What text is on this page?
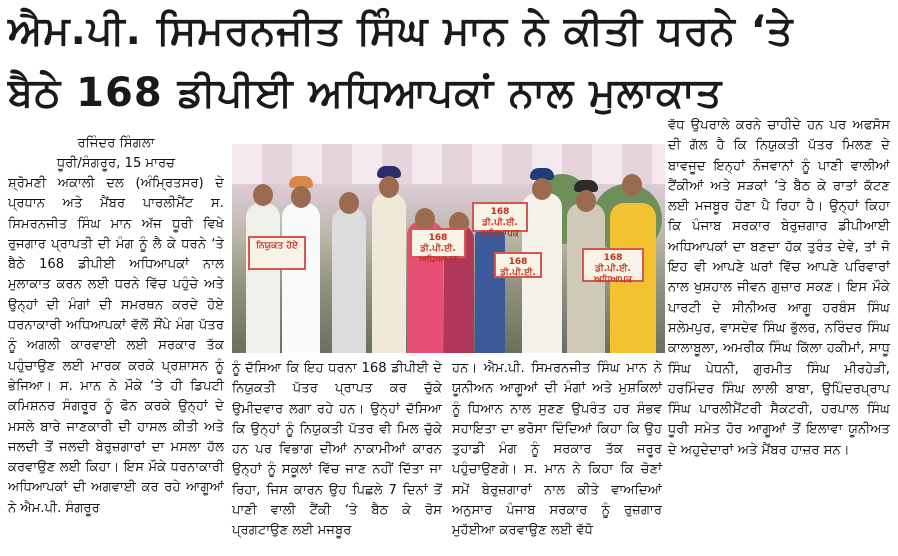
ਐਮ.ਪੀ. ਸਿਮਰਨਜੀਤ ਸਿੰਘ ਮਾਨ ਨੇ ਕੀਤੀ ਧਰਨੇ ‘ਤੇ
ਬੈਠੇ 168 ਡੀਪੀਈ ਅਧਿਆਪਕਾਂ ਨਾਲ ਮੁਲਾਕਾਤ
ਰਜਿੰਦਰ ਸਿੰਗਲਾ
ਧੂਰੀ/ਸੰਗਰੂਰ, 15 ਮਾਰਚ

ਸ਼੍ਰੋਮਣੀ ਅਕਾਲੀ ਦਲ (ਅੰਮ੍ਰਿਤਸਰ) ਦੇ ਪ੍ਰਧਾਨ ਅਤੇ ਮੈਂਬਰ ਪਾਰਲੀਮੈਂਟ ਸ. ਸਿਮਰਨਜੀਤ ਸਿੰਘ ਮਾਨ ਅੱਜ ਧੂਰੀ ਵਿਖੇ ਰੁਜਗਾਰ ਪ੍ਰਾਪਤੀ ਦੀ ਮੰਗ ਨੂੰ ਲੈ ਕੇ ਧਰਨੇ ‘ਤੇ ਬੈਠੇ 168 ਡੀਪੀਈ ਅਧਿਆਪਕਾਂ ਨਾਲ ਮੁਲਾਕਾਤ ਕਰਨ ਲਈ ਧਰਨੇ ਵਿੱਚ ਪਹੁੰਚੇ ਅਤੇ ਉਨ੍ਹਾਂ ਦੀ ਮੰਗਾਂ ਦੀ ਸਮਰਥਨ ਕਰਦੇ ਹੋਏ ਧਰਨਾਕਾਰੀ ਅਧਿਆਪਕਾਂ ਵੱਲੋਂ ਸੌਂਪੇ ਮੰਗ ਪੱਤਰ ਨੂੰ ਅਗਲੀ ਕਾਰਵਾਈ ਲਈ ਸਰਕਾਰ ਤੱਕ ਪਹੁੰਚਾਉਣ ਲਈ ਮਾਰਕ ਕਰਕੇ ਪ੍ਰਸ਼ਾਸਨ ਨੂੰ ਭੇਜਿਆ। ਸ. ਮਾਨ ਨੇ ਮੌਕੇ ‘ਤੇ ਹੀ ਡਿਪਟੀ ਕਮਿਸ਼ਨਰ ਸੰਗਰੂਰ ਨੂੰ ਫੋਨ ਕਰਕੇ ਉਨ੍ਹਾਂ ਦੇ ਮਸਲੇ ਬਾਰੇ ਜਾਣਕਾਰੀ ਦੀ ਹਾਸਲ ਕੀਤੀ ਅਤੇ ਜਲਦੀ ਤੋਂ ਜਲਦੀ ਬੇਰੁਜ਼ਗਾਰਾਂ ਦਾ ਮਸਲਾ ਹੱਲ ਕਰਵਾਉਣ ਲਈ ਕਿਹਾ। ਇਸ ਮੌਕੇ ਧਰਨਾਕਾਰੀ ਅਧਿਆਪਕਾਂ ਦੀ ਅਗਵਾਈ ਕਰ ਰਹੇ ਆਗੂਆਂ ਨੇ ਐਮ.ਪੀ. ਸੰਗਰੂਰ

ਨਿਯੁਕਤ ਹੋਏ
168 ਡੀ.ਪੀ.ਈ. ਅਧਿਆਪਕ
168 ਡੀ.ਪੀ.ਈ. ਅਧਿਆਪਕ
168 ਡੀ.ਪੀ.ਈ.
168 ਡੀ.ਪੀ.ਈ. ਅਧਿਆਪਕ

ਨੂੰ ਦੱਸਿਆ ਕਿ ਇਹ ਧਰਨਾ 168 ਡੀਪੀਈ ਦੇ ਨਿਯੁਕਤੀ ਪੱਤਰ ਪ੍ਰਾਪਤ ਕਰ ਚੁੱਕੇ ਉਮੀਦਵਾਰ ਲਗਾ ਰਹੇ ਹਨ। ਉਨ੍ਹਾਂ ਦੱਸਿਆ ਕਿ ਉਨ੍ਹਾਂ ਨੂੰ ਨਿਯੁਕਤੀ ਪੱਤਰ ਵੀ ਮਿਲ ਚੁੱਕੇ ਹਨ ਪਰ ਵਿਭਾਗ ਦੀਆਂ ਨਾਕਾਮੀਆਂ ਕਾਰਨ ਉਨ੍ਹਾਂ ਨੂੰ ਸਕੂਲਾਂ ਵਿੱਚ ਜਾਣ ਨਹੀਂ ਦਿੱਤਾ ਜਾ ਰਿਹਾ, ਜਿਸ ਕਾਰਨ ਉਹ ਪਿਛਲੇ 7 ਦਿਨਾਂ ਤੋਂ ਪਾਣੀ ਵਾਲੀ ਟੈਂਕੀ ‘ਤੇ ਬੈਠ ਕੇ ਰੋਸ ਪ੍ਰਗਟਾਉਣ ਲਈ ਮਜਬੂਰ

ਹਨ। ਐਮ.ਪੀ. ਸਿਮਰਨਜੀਤ ਸਿੰਘ ਮਾਨ ਨੇ ਯੂਨੀਅਨ ਆਗੂਆਂ ਦੀ ਮੰਗਾਂ ਅਤੇ ਮੁਸ਼ਕਿਲਾਂ ਨੂੰ ਧਿਆਨ ਨਾਲ ਸੁਣਣ ਉਪਰੰਤ ਹਰ ਸੰਭਵ ਸਹਾਇਤਾ ਦਾ ਭਰੋਸਾ ਦਿੰਦਿਆਂ ਕਿਹਾ ਕਿ ਉਹ ਤੁਹਾਡੀ ਮੰਗ ਨੂੰ ਸਰਕਾਰ ਤੱਕ ਜਰੂਰ ਪਹੁੰਚਾਉਣਗੇ। ਸ. ਮਾਨ ਨੇ ਕਿਹਾ ਕਿ ਚੋਣਾਂ ਸਮੇਂ ਬੇਰੁਜ਼ਗਾਰਾਂ ਨਾਲ ਕੀਤੇ ਵਾਅਦਿਆਂ ਅਨੁਸਾਰ ਪੰਜਾਬ ਸਰਕਾਰ ਨੂੰ ਰੁਜ਼ਗਾਰ ਮੁਹੱਈਆ ਕਰਵਾਉਣ ਲਈ ਵੱਧੋ

ਵੱਧ ਉਪਰਾਲੇ ਕਰਨੇ ਚਾਹੀਦੇ ਹਨ ਪਰ ਅਫਸੋਸ ਦੀ ਗੱਲ ਹੈ ਕਿ ਨਿਯੁਕਤੀ ਪੱਤਰ ਮਿਲਣ ਦੇ ਬਾਵਜੂਦ ਇਨ੍ਹਾਂ ਨੌਜਵਾਨਾਂ ਨੂੰ ਪਾਣੀ ਵਾਲੀਆਂ ਟੈਂਕੀਆਂ ਅਤੇ ਸੜਕਾਂ ‘ਤੇ ਬੈਠ ਕੇ ਰਾਤਾਂ ਕੱਟਣ ਲਈ ਮਜਬੂਰ ਹੋਣਾ ਪੈ ਰਿਹਾ ਹੈ। ਉਨ੍ਹਾਂ ਕਿਹਾ ਕਿ ਪੰਜਾਬ ਸਰਕਾਰ ਬੇਰੁਜ਼ਗਾਰ ਡੀਪੀਆਈ ਅਧਿਆਪਕਾਂ ਦਾ ਬਣਦਾ ਹੱਕ ਤੁਰੰਤ ਦੇਵੇ, ਤਾਂ ਜੋ ਇਹ ਵੀ ਆਪਣੇ ਘਰਾਂ ਵਿੱਚ ਆਪਣੇ ਪਰਿਵਾਰਾਂ ਨਾਲ ਖੁਸ਼ਹਾਲ ਜੀਵਨ ਗੁਜ਼ਾਰ ਸਕਣ। ਇਸ ਮੌਕੇ ਪਾਰਟੀ ਦੇ ਸੀਨੀਅਰ ਆਗੂ ਹਰਬੰਸ ਸਿੰਘ ਸਲੇਮਪੁਰ, ਵਾਸਦੇਵ ਸਿੰਘ ਭੁੱਲਰ, ਨਰਿੰਦਰ ਸਿੰਘ ਕਾਲਾਬੂਲਾ, ਅਮਰੀਕ ਸਿੰਘ ਕਿੱਲਾ ਹਕੀਮਾਂ, ਸਾਧੂ ਸਿੰਘ ਪੇਧਨੀ, ਗੁਰਮੀਤ ਸਿੰਘ ਮੀਰਹੇੜੀ, ਹਰਮਿੰਦਰ ਸਿੰਘ ਲਾਲੀ ਬਾਬਾ, ਉਪਿੰਦਰਪ੍ਰਾਪ ਸਿੰਘ ਪਾਰਲੀਮੈਂਟਰੀ ਸੈਕਟਰੀ, ਹਰਪਾਲ ਸਿੰਘ ਧੂਰੀ ਸਮੇਤ ਹੋਰ ਆਗੂਆਂ ਤੋਂ ਇਲਾਵਾ ਯੂਨੀਅਤ ਦੇ ਅਹੁਦੇਦਾਰਾਂ ਅਤੇ ਮੈਂਬਰ ਹਾਜ਼ਰ ਸਨ।
